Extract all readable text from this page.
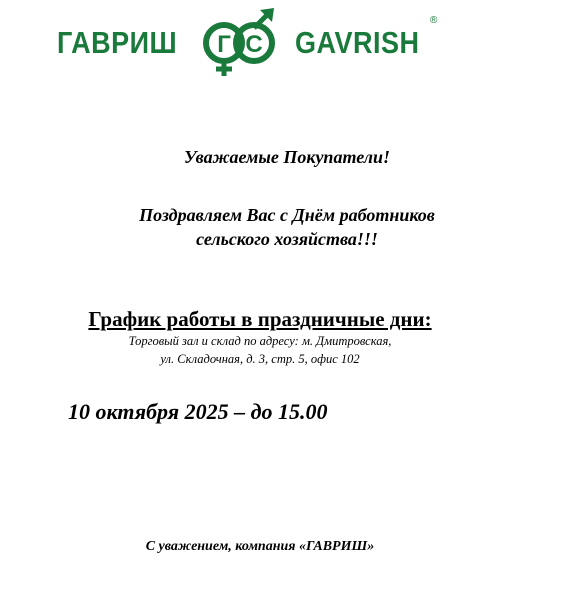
ГАВРИШ Г С GAVRISH
®
Уважаемые Покупатели!
Поздравляем Вас с Днём работников
сельского хозяйства!!!
График работы в праздничные дни:
Торговый зал и склад по адресу: м. Дмитровская,
ул. Складочная, д. 3, стр. 5, офис 102
10 октября 2025 – до 15.00
С уважением, компания «ГАВРИШ»
